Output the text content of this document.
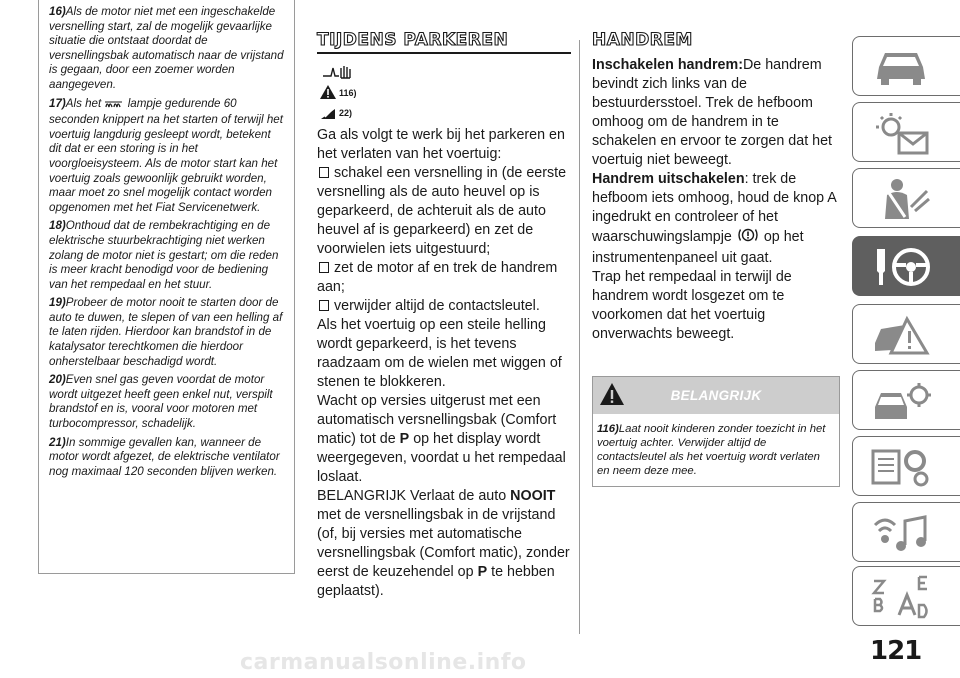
16)Als de motor niet met een ingeschakelde versnelling start, zal de mogelijk gevaarlijke situatie die ontstaat doordat de versnellingsbak automatisch naar de vrijstand is gegaan, door een zoemer worden aangegeven.
17)Als het lampje gedurende 60 seconden knippert na het starten of terwijl het voertuig langdurig gesleept wordt, betekent dit dat er een storing is in het voorgloeisysteem. Als de motor start kan het voertuig zoals gewoonlijk gebruikt worden, maar moet zo snel mogelijk contact worden opgenomen met het Fiat Servicenetwerk.
18)Onthoud dat de rembekrachtiging en de elektrische stuurbekrachtiging niet werken zolang de motor niet is gestart; om die reden is meer kracht benodigd voor de bediening van het rempedaal en het stuur.
19)Probeer de motor nooit te starten door de auto te duwen, te slepen of van een helling af te laten rijden. Hierdoor kan brandstof in de katalysator terechtkomen die hierdoor onherstelbaar beschadigd wordt.
20)Even snel gas geven voordat de motor wordt uitgezet heeft geen enkel nut, verspilt brandstof en is, vooral voor motoren met turbocompressor, schadelijk.
21)In sommige gevallen kan, wanneer de motor wordt afgezet, de elektrische ventilator nog maximaal 120 seconden blijven werken.
TIJDENS PARKEREN
116)
22)

Ga als volgt te werk bij het parkeren en het verlaten van het voertuig:

schakel een versnelling in (de eerste versnelling als de auto heuvel op is geparkeerd, de achteruit als de auto heuvel af is geparkeerd) en zet de voorwielen iets uitgestuurd;

zet de motor af en trek de handrem aan;

verwijder altijd de contactsleutel.

Als het voertuig op een steile helling wordt geparkeerd, is het tevens raadzaam om de wielen met wiggen of stenen te blokkeren.

Wacht op versies uitgerust met een automatisch versnellingsbak (Comfort matic) tot de P op het display wordt weergegeven, voordat u het rempedaal loslaat.

BELANGRIJK Verlaat de auto NOOIT met de versnellingsbak in de vrijstand (of, bij versies met automatische versnellingsbak (Comfort matic), zonder eerst de keuzehendel op P te hebben geplaatst).

HANDREM

Inschakelen handrem:De handrem bevindt zich links van de bestuurdersstoel. Trek de hefboom omhoog om de handrem in te schakelen en ervoor te zorgen dat het voertuig niet beweegt.

Handrem uitschakelen: trek de hefboom iets omhoog, houd de knop A ingedrukt en controleer of het waarschuwingslampje op het instrumentenpaneel uit gaat.

Trap het rempedaal in terwijl de handrem wordt losgezet om te voorkomen dat het voertuig onverwachts beweegt.

BELANGRIJK
116)Laat nooit kinderen zonder toezicht in het voertuig achter. Verwijder altijd de contactsleutel als het voertuig wordt verlaten en neem deze mee.
121
carmanualsonline.info
